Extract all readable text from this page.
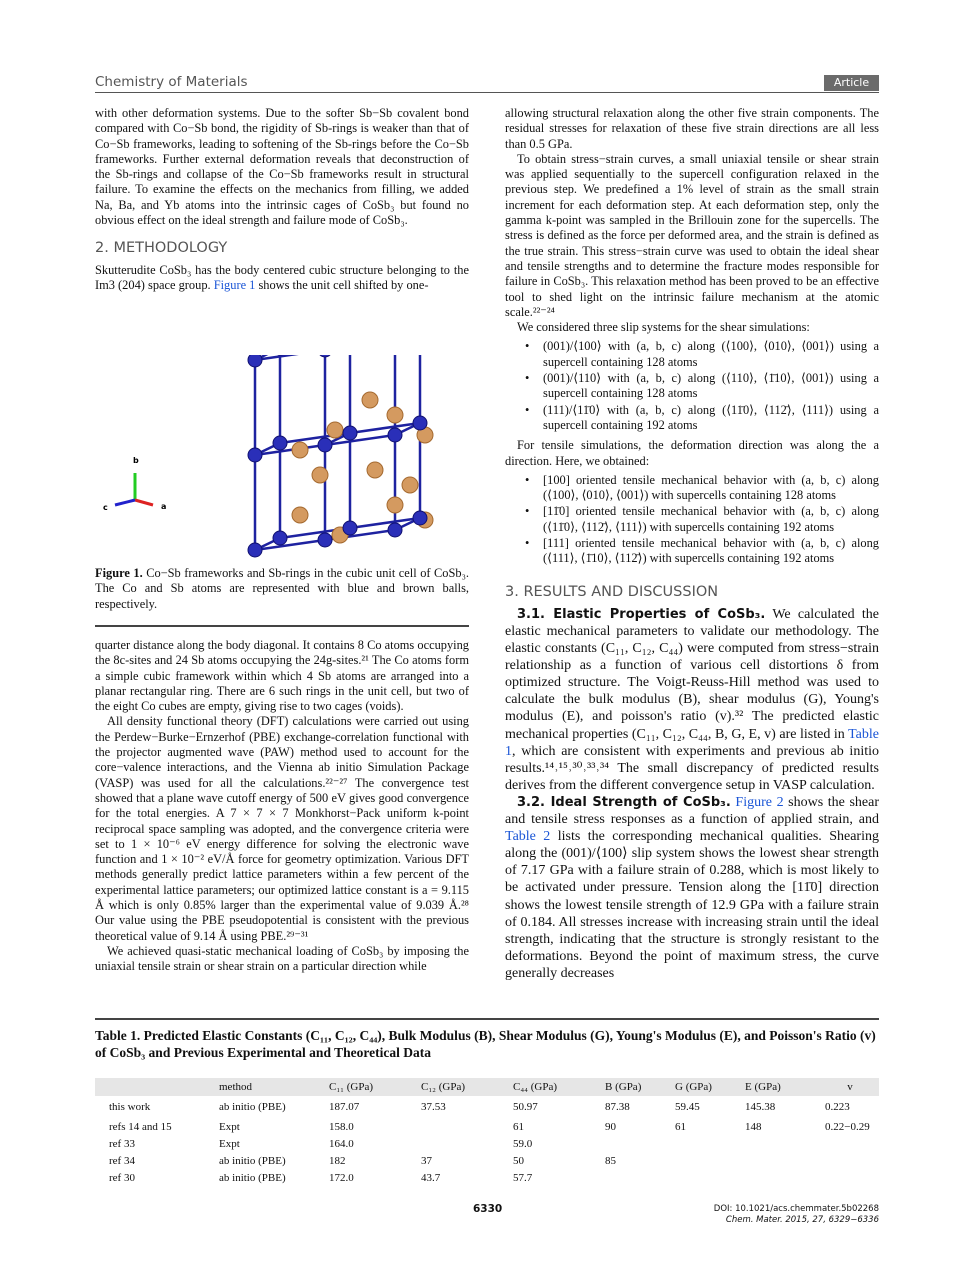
Chemistry of Materials	Article

with other deformation systems. Due to the softer Sb−Sb covalent bond compared with Co−Sb bond, the rigidity of Sb-rings is weaker than that of Co−Sb frameworks, leading to softening of the Sb-rings before the Co−Sb frameworks. Further external deformation reveals that deconstruction of the Sb-rings and collapse of the Co−Sb frameworks result in structural failure. To examine the effects on the mechanics from filling, we added Na, Ba, and Yb atoms into the intrinsic cages of CoSb₃ but found no obvious effect on the ideal strength and failure mode of CoSb₃.

2. METHODOLOGY

Skutterudite CoSb₃ has the body centered cubic structure belonging to the Im3 (204) space group. Figure 1 shows the unit cell shifted by one-

b
a
c
Figure 1. Co−Sb frameworks and Sb-rings in the cubic unit cell of CoSb₃. The Co and Sb atoms are represented with blue and brown balls, respectively.

quarter distance along the body diagonal. It contains 8 Co atoms occupying the 8c-sites and 24 Sb atoms occupying the 24g-sites.²¹ The Co atoms form a simple cubic framework within which 4 Sb atoms are arranged into a planar rectangular ring. There are 6 such rings in the unit cell, but two of the eight Co cubes are empty, giving rise to two cages (voids).

All density functional theory (DFT) calculations were carried out using the Perdew−Burke−Ernzerhof (PBE) exchange-correlation functional with the projector augmented wave (PAW) method used to account for the core−valence interactions, and the Vienna ab initio Simulation Package (VASP) was used for all the calculations.²²⁻²⁷ The convergence test showed that a plane wave cutoff energy of 500 eV gives good convergence for the total energies. A 7 × 7 × 7 Monkhorst−Pack uniform k-point reciprocal space sampling was adopted, and the convergence criteria were set to 1 × 10⁻⁶ eV energy difference for solving the electronic wave function and 1 × 10⁻² eV/Å force for geometry optimization. Various DFT methods generally predict lattice parameters within a few percent of the experimental lattice parameters; our optimized lattice constant is a = 9.115 Å which is only 0.85% larger than the experimental value of 9.039 Å.²⁸ Our value using the PBE pseudopotential is consistent with the previous theoretical value of 9.14 Å using PBE.²⁹⁻³¹

We achieved quasi-static mechanical loading of CoSb₃ by imposing the uniaxial tensile strain or shear strain on a particular direction while

allowing structural relaxation along the other five strain components. The residual stresses for relaxation of these five strain directions are all less than 0.5 GPa.

To obtain stress−strain curves, a small uniaxial tensile or shear strain was applied sequentially to the supercell configuration relaxed in the previous step. We predefined a 1% level of strain as the small strain increment for each deformation step. At each deformation step, only the gamma k-point was sampled in the Brillouin zone for the supercells. The stress is defined as the force per deformed area, and the strain is defined as the true strain. This stress−strain curve was used to obtain the ideal shear and tensile strengths and to determine the fracture modes responsible for failure in CoSb₃. This relaxation method has been proved to be an effective tool to shed light on the intrinsic failure mechanism at the atomic scale.²²⁻²⁴

We considered three slip systems for the shear simulations:

• (001)/⟨100⟩ with (a, b, c) along (⟨100⟩, ⟨010⟩, ⟨001⟩) using a supercell containing 128 atoms
• (001)/⟨110⟩ with (a, b, c) along (⟨110⟩, ⟨1̄10⟩, ⟨001⟩) using a supercell containing 128 atoms
• (111)/⟨11̄0⟩ with (a, b, c) along (⟨11̄0⟩, ⟨112̄⟩, ⟨111⟩) using a supercell containing 192 atoms

For tensile simulations, the deformation direction was along the a direction. Here, we obtained:

• [100] oriented tensile mechanical behavior with (a, b, c) along (⟨100⟩, ⟨010⟩, ⟨001⟩) with supercells containing 128 atoms
• [11̄0] oriented tensile mechanical behavior with (a, b, c) along (⟨11̄0⟩, ⟨112̄⟩, ⟨111⟩) with supercells containing 192 atoms
• [111] oriented tensile mechanical behavior with (a, b, c) along (⟨111⟩, ⟨1̄10⟩, ⟨112̄⟩) with supercells containing 192 atoms
3. RESULTS AND DISCUSSION

3.1. Elastic Properties of CoSb₃. We calculated the elastic mechanical parameters to validate our methodology. The elastic constants (C₁₁, C₁₂, C₄₄) were computed from stress−strain relationship as a function of various cell distortions δ from optimized structure. The Voigt-Reuss-Hill method was used to calculate the bulk modulus (B), shear modulus (G), Young's modulus (E), and poisson's ratio (v).³² The predicted elastic mechanical properties (C₁₁, C₁₂, C₄₄, B, G, E, v) are listed in Table 1, which are consistent with experiments and previous ab initio results.¹⁴˒¹⁵˒³⁰˒³³˒³⁴ The small discrepancy of predicted results derives from the different convergence setup in VASP calculation.

3.2. Ideal Strength of CoSb₃. Figure 2 shows the shear and tensile stress responses as a function of applied strain, and Table 2 lists the corresponding mechanical qualities. Shearing along the (001)/⟨100⟩ slip system shows the lowest shear strength of 7.17 GPa with a failure strain of 0.288, which is most likely to be activated under pressure. Tension along the [11̄0] direction shows the lowest tensile strength of 12.9 GPa with a failure strain of 0.184. All stresses increase with increasing strain until the ideal strength, indicating that the structure is strongly resistant to the deformations. Beyond the point of maximum stress, the curve generally decreases

Table 1. Predicted Elastic Constants (C₁₁, C₁₂, C₄₄), Bulk Modulus (B), Shear Modulus (G), Young's Modulus (E), and Poisson's Ratio (v) of CoSb₃ and Previous Experimental and Theoretical Data
	method	C₁₁ (GPa)	C₁₂ (GPa)	C₄₄ (GPa)	B (GPa)	G (GPa)	E (GPa)	v
this work	ab initio (PBE)	187.07	37.53	50.97	87.38	59.45	145.38	0.223
refs 14 and 15	Expt	158.0		61	90	61	148	0.22−0.29
ref 33	Expt	164.0		59.0				
ref 34	ab initio (PBE)	182	37	50	85			
ref 30	ab initio (PBE)	172.0	43.7	57.7				
6330	DOI: 10.1021/acs.chemmater.5b02268
Chem. Mater. 2015, 27, 6329−6336
